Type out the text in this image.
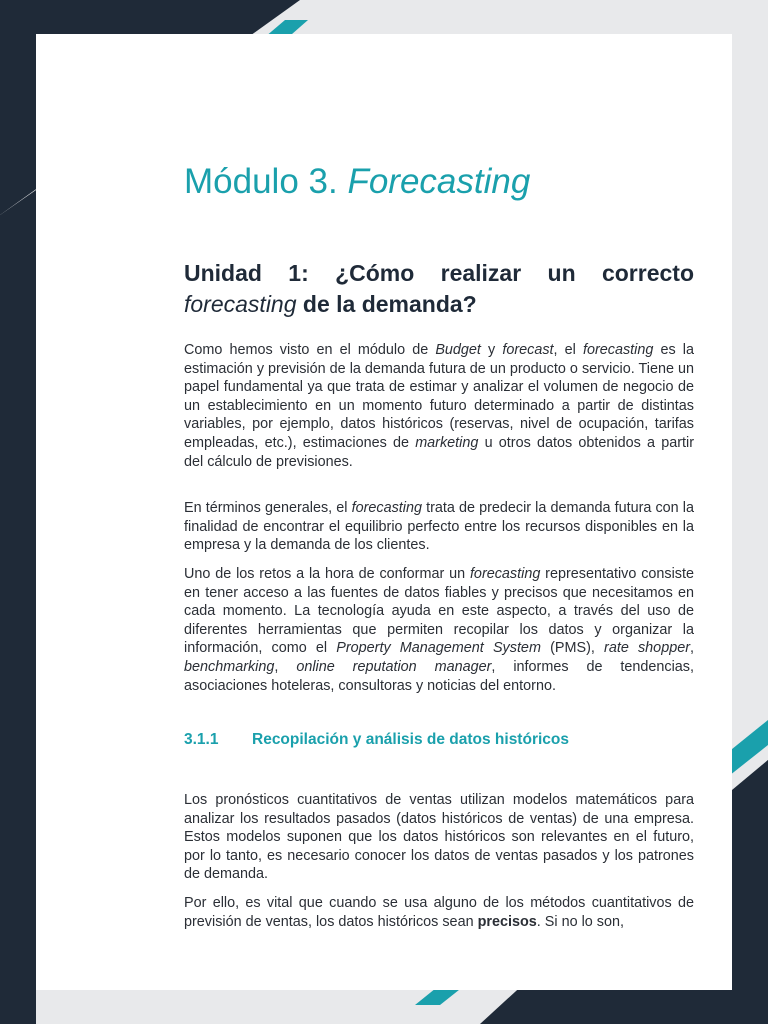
Módulo 3. Forecasting
Unidad 1: ¿Cómo realizar un correcto forecasting de la demanda?

Como hemos visto en el módulo de Budget y forecast, el forecasting es la estimación y previsión de la demanda futura de un producto o servicio. Tiene un papel fundamental ya que trata de estimar y analizar el volumen de negocio de un establecimiento en un momento futuro determinado a partir de distintas variables, por ejemplo, datos históricos (reservas, nivel de ocupación, tarifas empleadas, etc.), estimaciones de marketing u otros datos obtenidos a partir del cálculo de previsiones.

En términos generales, el forecasting trata de predecir la demanda futura con la finalidad de encontrar el equilibrio perfecto entre los recursos disponibles en la empresa y la demanda de los clientes.

Uno de los retos a la hora de conformar un forecasting representativo consiste en tener acceso a las fuentes de datos fiables y precisos que necesitamos en cada momento. La tecnología ayuda en este aspecto, a través del uso de diferentes herramientas que permiten recopilar los datos y organizar la información, como el Property Management System (PMS), rate shopper, benchmarking, online reputation manager, informes de tendencias, asociaciones hoteleras, consultoras y noticias del entorno.

3.1.1 Recopilación y análisis de datos históricos

Los pronósticos cuantitativos de ventas utilizan modelos matemáticos para analizar los resultados pasados (datos históricos de ventas) de una empresa. Estos modelos suponen que los datos históricos son relevantes en el futuro, por lo tanto, es necesario conocer los datos de ventas pasados y los patrones de demanda.

Por ello, es vital que cuando se usa alguno de los métodos cuantitativos de previsión de ventas, los datos históricos sean precisos. Si no lo son,
